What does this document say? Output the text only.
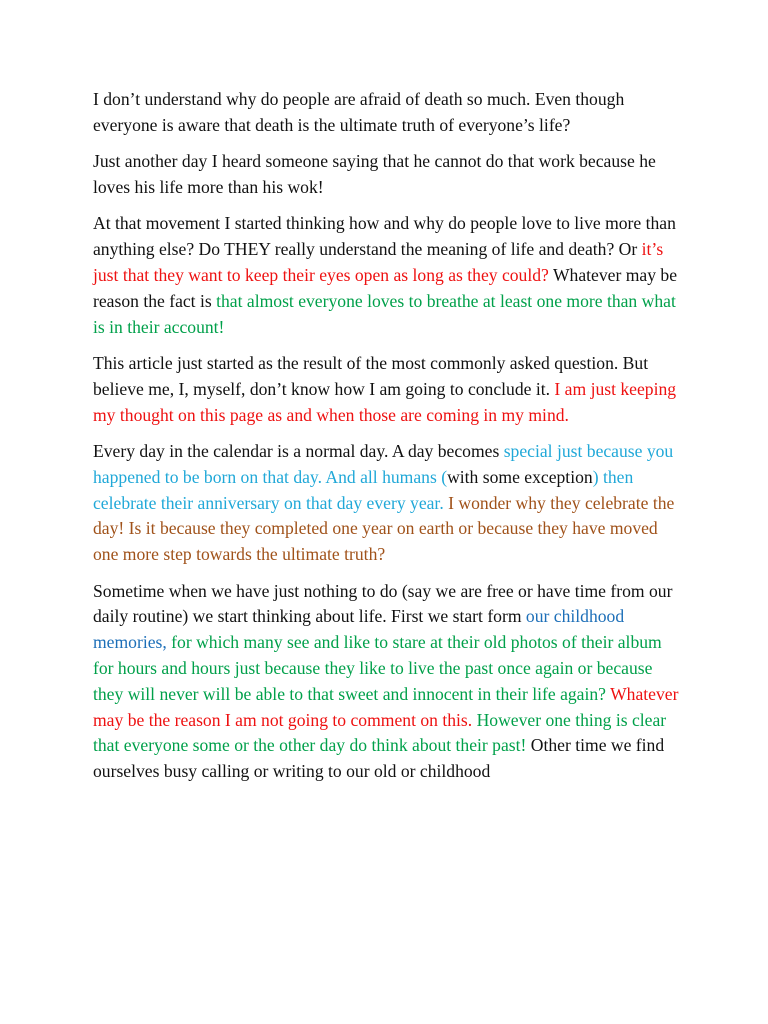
I don’t understand why do people are afraid of death so much. Even though everyone is aware that death is the ultimate truth of everyone’s life?

Just another day I heard someone saying that he cannot do that work because he loves his life more than his wok!

At that movement I started thinking how and why do people love to live more than anything else? Do THEY really understand the meaning of life and death? Or it’s just that they want to keep their eyes open as long as they could? Whatever may be reason the fact is that almost everyone loves to breathe at least one more than what is in their account!

This article just started as the result of the most commonly asked question. But believe me, I, myself, don’t know how I am going to conclude it. I am just keeping my thought on this page as and when those are coming in my mind.

Every day in the calendar is a normal day. A day becomes special just because you happened to be born on that day. And all humans (with some exception) then celebrate their anniversary on that day every year. I wonder why they celebrate the day! Is it because they completed one year on earth or because they have moved one more step towards the ultimate truth?

Sometime when we have just nothing to do (say we are free or have time from our daily routine) we start thinking about life. First we start form our childhood memories, for which many see and like to stare at their old photos of their album for hours and hours just because they like to live the past once again or because they will never will be able to that sweet and innocent in their life again? Whatever may be the reason I am not going to comment on this. However one thing is clear that everyone some or the other day do think about their past! Other time we find ourselves busy calling or writing to our old or childhood
